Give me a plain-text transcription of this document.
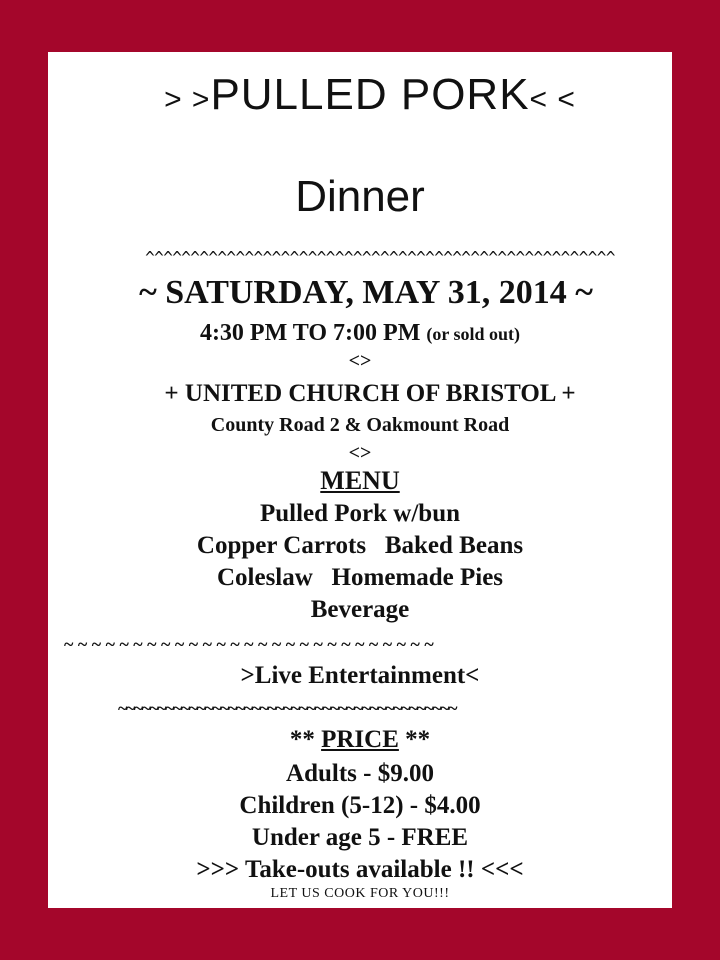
> >PULLED PORK< <
Dinner
^^^^^^^^^^^^^^^^^^^^^^^^^^^^^^^^^^^^^^^^^^^^^^^^^^^^
~ SATURDAY, MAY 31, 2014 ~
4:30 PM TO 7:00 PM (or sold out)
<>
+ UNITED CHURCH OF BRISTOL +
County Road 2 & Oakmount Road
<>
MENU
Pulled Pork w/bun
Copper Carrots   Baked Beans
Coleslaw   Homemade Pies
Beverage
~ ~ ~ ~ ~ ~ ~ ~ ~ ~ ~ ~ ~ ~ ~ ~ ~ ~ ~ ~ ~ ~ ~ ~ ~ ~ ~
>Live Entertainment<
~~~~~~~~~~~~~~~~~~~~~~~~~~~~~~~~~~~~~~~~~~~
** PRICE **
Adults - $9.00
Children (5-12) - $4.00
Under age 5 - FREE
>>> Take-outs available !! <<<
LET US COOK FOR YOU!!!
